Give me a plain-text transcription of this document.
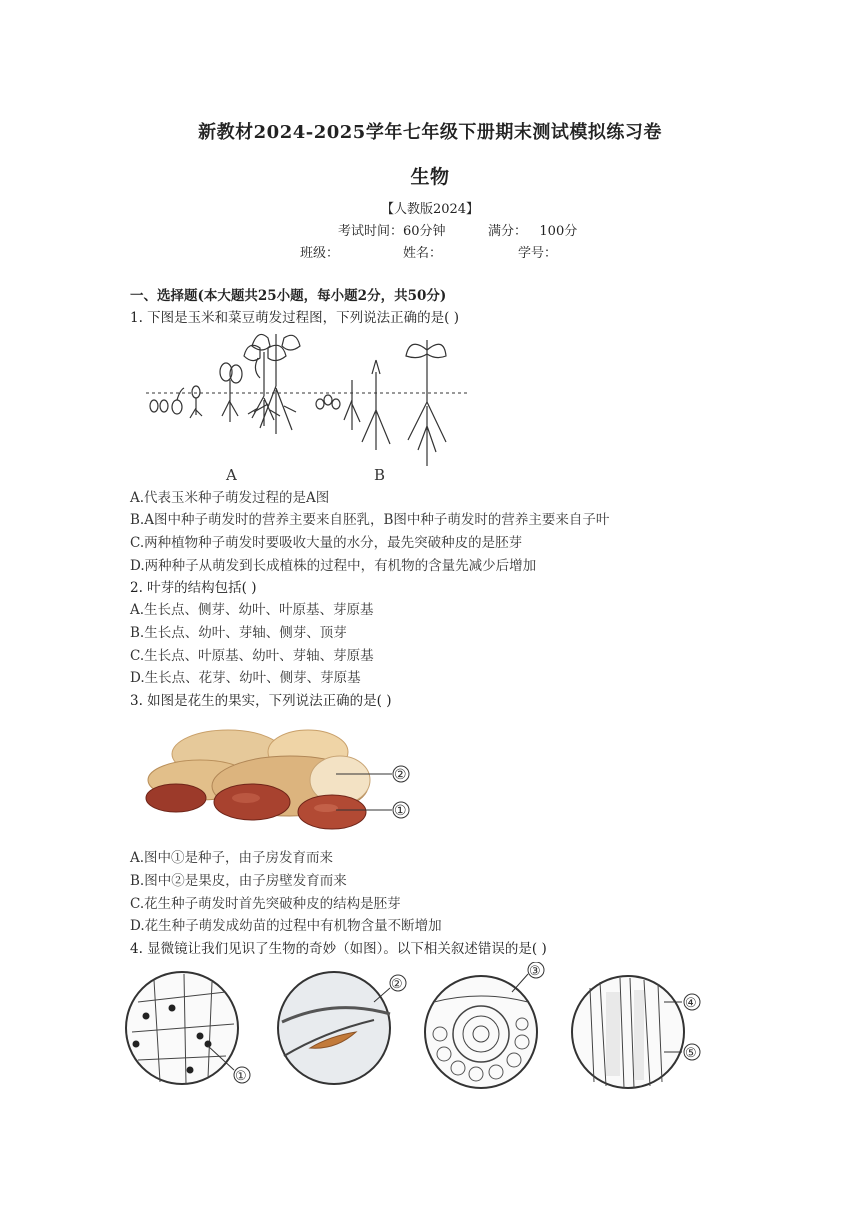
新教材2024-2025学年七年级下册期末测试模拟练习卷
生物
【人教版2024】
考试时间：60分钟	满分：   100分
班级：	姓名：	学号：
一、选择题(本大题共25小题，每小题2分，共50分)
1. 下图是玉米和菜豆萌发过程图，下列说法正确的是( )
A	B
A.代表玉米种子萌发过程的是A图
B.A图中种子萌发时的营养主要来自胚乳，B图中种子萌发时的营养主要来自子叶
C.两种植物种子萌发时要吸收大量的水分，最先突破种皮的是胚芽
D.两种种子从萌发到长成植株的过程中，有机物的含量先减少后增加
2. 叶芽的结构包括( )
A.生长点、侧芽、幼叶、叶原基、芽原基
B.生长点、幼叶、芽轴、侧芽、顶芽
C.生长点、叶原基、幼叶、芽轴、芽原基
D.生长点、花芽、幼叶、侧芽、芽原基
3. 如图是花生的果实，下列说法正确的是( )
②
①
A.图中①是种子，由子房发育而来
B.图中②是果皮，由子房壁发育而来
C.花生种子萌发时首先突破种皮的结构是胚芽
D.花生种子萌发成幼苗的过程中有机物含量不断增加
4. 显微镜让我们见识了生物的奇妙（如图）。以下相关叙述错误的是( )
①
②
③
④
⑤
